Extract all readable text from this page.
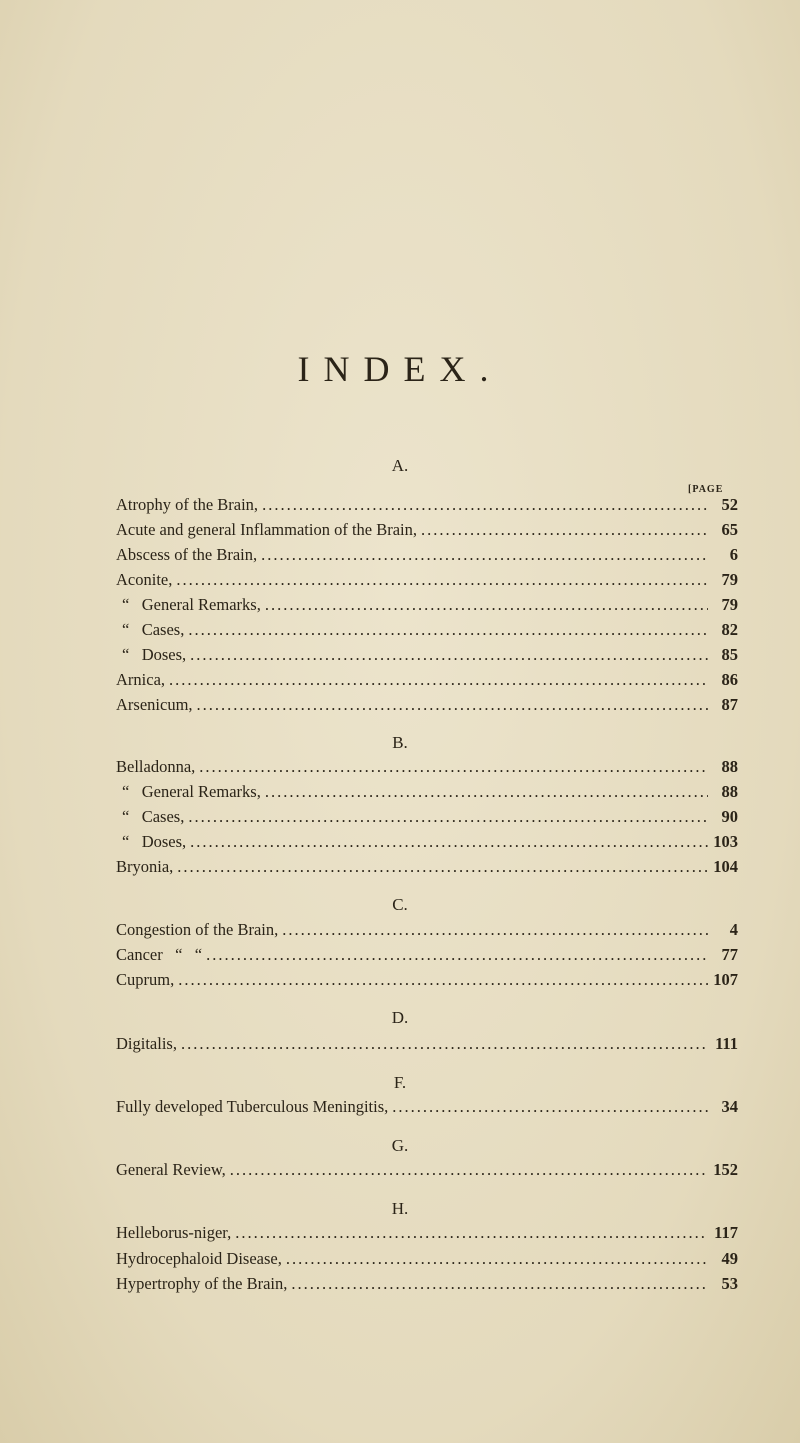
INDEX.
[PAGE
A.
Atrophy of the Brain, .....	52
Acute and general Inflammation of the Brain, .....	65
Abscess of the Brain, .....	6
Aconite, .....	79
“   General Remarks, .....	79
“   Cases, .....	82
“   Doses, .....	85
Arnica, .....	86
Arsenicum, .....	87
B.
Belladonna, .....	88
“   General Remarks, .....	88
“   Cases, .....	90
“   Doses, .....	103
Bryonia, .....	104
C.
Congestion of the Brain, .....	4
Cancer   “   “ .....	77
Cuprum, .....	107
D.
Digitalis, .....	111
F.
Fully developed Tuberculous Meningitis, .....	34
G.
General Review, .....	152
H.
Helleborus-niger, .....	117
Hydrocephaloid Disease, .....	49
Hypertrophy of the Brain, .....	53
